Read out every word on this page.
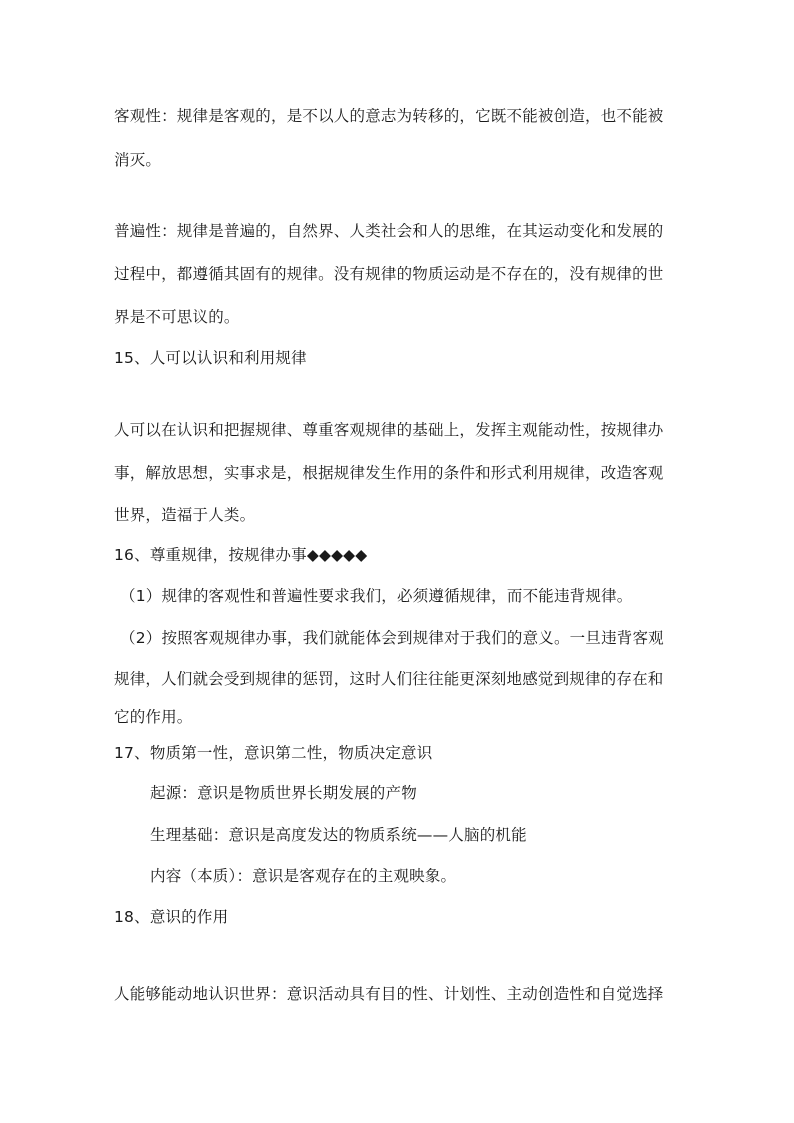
客观性：规律是客观的，是不以人的意志为转移的，它既不能被创造，也不能被
消灭。
普遍性：规律是普遍的，自然界、人类社会和人的思维，在其运动变化和发展的
过程中，都遵循其固有的规律。没有规律的物质运动是不存在的，没有规律的世
界是不可思议的。
15、人可以认识和利用规律
人可以在认识和把握规律、尊重客观规律的基础上，发挥主观能动性，按规律办
事，解放思想，实事求是，根据规律发生作用的条件和形式利用规律，改造客观
世界，造福于人类。
16、尊重规律，按规律办事◆◆◆◆◆
（1）规律的客观性和普遍性要求我们，必须遵循规律，而不能违背规律。
（2）按照客观规律办事，我们就能体会到规律对于我们的意义。一旦违背客观
规律，人们就会受到规律的惩罚，这时人们往往能更深刻地感觉到规律的存在和
它的作用。
17、物质第一性，意识第二性，物质决定意识
起源：意识是物质世界长期发展的产物
生理基础：意识是高度发达的物质系统——人脑的机能
内容（本质）：意识是客观存在的主观映象。
18、意识的作用
人能够能动地认识世界：意识活动具有目的性、计划性、主动创造性和自觉选择
